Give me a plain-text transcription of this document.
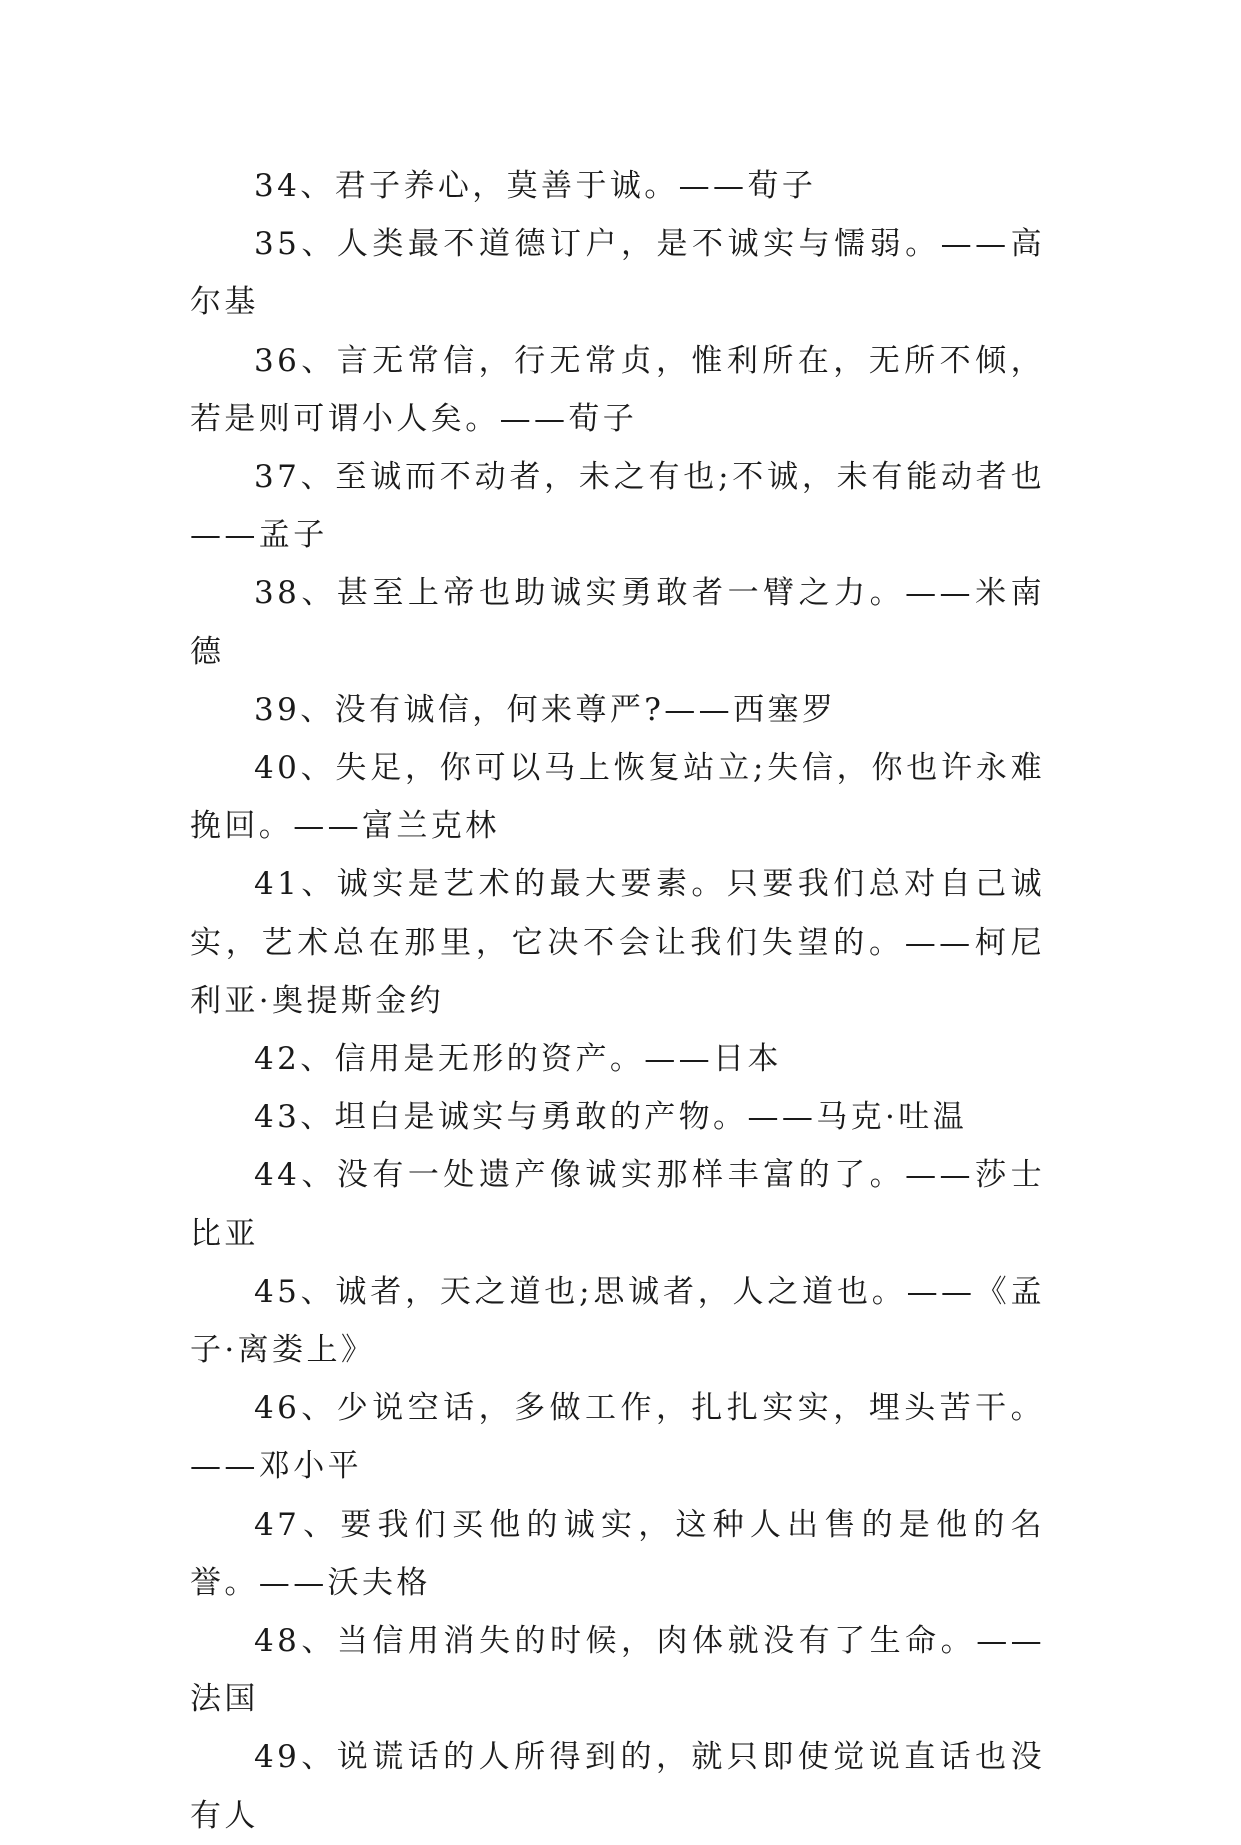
34、君子养心，莫善于诚。——荀子

35、人类最不道德订户，是不诚实与懦弱。——高尔基

36、言无常信，行无常贞，惟利所在，无所不倾，若是则可谓小人矣。——荀子

37、至诚而不动者，未之有也;不诚，未有能动者也——孟子

38、甚至上帝也助诚实勇敢者一臂之力。——米南德

39、没有诚信，何来尊严?——西塞罗

40、失足，你可以马上恢复站立;失信，你也许永难挽回。——富兰克林

41、诚实是艺术的最大要素。只要我们总对自己诚实，艺术总在那里，它决不会让我们失望的。——柯尼利亚·奥提斯金约

42、信用是无形的资产。——日本

43、坦白是诚实与勇敢的产物。——马克·吐温

44、没有一处遗产像诚实那样丰富的了。——莎士比亚

45、诚者，天之道也;思诚者，人之道也。——《孟子·离娄上》

46、少说空话，多做工作，扎扎实实，埋头苦干。——邓小平

47、要我们买他的诚实，这种人出售的是他的名誉。——沃夫格

48、当信用消失的时候，肉体就没有了生命。——法国

49、说谎话的人所得到的，就只即使觉说直话也没有人
